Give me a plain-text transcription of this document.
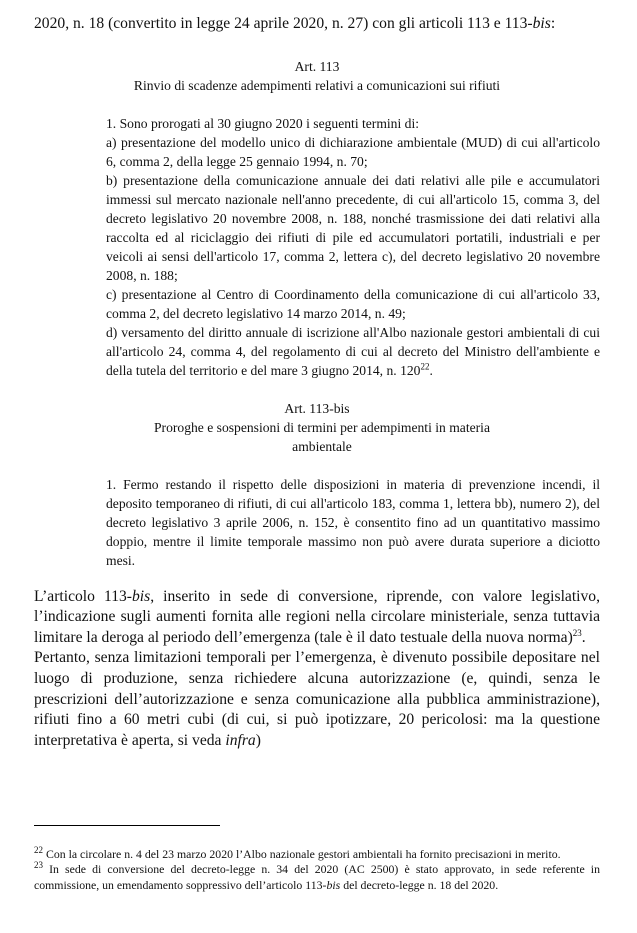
2020, n. 18 (convertito in legge 24 aprile 2020, n. 27) con gli articoli 113 e 113-bis:

Art. 113

Rinvio di scadenze adempimenti relativi a comunicazioni sui rifiuti

1. Sono prorogati al 30 giugno 2020 i seguenti termini di:

a) presentazione del modello unico di dichiarazione ambientale (MUD) di cui all'articolo 6, comma 2, della legge 25 gennaio 1994, n. 70;

b) presentazione della comunicazione annuale dei dati relativi alle pile e accumulatori immessi sul mercato nazionale nell'anno precedente, di cui all'articolo 15, comma 3, del decreto legislativo 20 novembre 2008, n. 188, nonché trasmissione dei dati relativi alla raccolta ed al riciclaggio dei rifiuti di pile ed accumulatori portatili, industriali e per veicoli ai sensi dell'articolo 17, comma 2, lettera c), del decreto legislativo 20 novembre 2008, n. 188;

c) presentazione al Centro di Coordinamento della comunicazione di cui all'articolo 33, comma 2, del decreto legislativo 14 marzo 2014, n. 49;

d) versamento del diritto annuale di iscrizione all'Albo nazionale gestori ambientali di cui all'articolo 24, comma 4, del regolamento di cui al decreto del Ministro dell'ambiente e della tutela del territorio e del mare 3 giugno 2014, n. $120^{22}$.

Art. 113-bis

Proroghe e sospensioni di termini per adempimenti in materia ambientale

1. Fermo restando il rispetto delle disposizioni in materia di prevenzione incendi, il deposito temporaneo di rifiuti, di cui all'articolo 183, comma 1, lettera bb), numero 2), del decreto legislativo 3 aprile 2006, n. 152, è consentito fino ad un quantitativo massimo doppio, mentre il limite temporale massimo non può avere durata superiore a diciotto mesi.

L’articolo 113-bis, inserito in sede di conversione, riprende, con valore legislativo, l’indicazione sugli aumenti fornita alle regioni nella circolare ministeriale, senza tuttavia limitare la deroga al periodo dell’emergenza (tale è il dato testuale della nuova norma)$^{23}$.

Pertanto, senza limitazioni temporali per l’emergenza, è divenuto possibile depositare nel luogo di produzione, senza richiedere alcuna autorizzazione (e, quindi, senza le prescrizioni dell’autorizzazione e senza comunicazione alla pubblica amministrazione), rifiuti fino a 60 metri cubi (di cui, si può ipotizzare, 20 pericolosi: ma la questione interpretativa è aperta, si veda infra)

$^{22}$ Con la circolare n. 4 del 23 marzo 2020 l’Albo nazionale gestori ambientali ha fornito precisazioni in merito.

$^{23}$ In sede di conversione del decreto-legge n. 34 del 2020 (AC 2500) è stato approvato, in sede referente in commissione, un emendamento soppressivo dell’articolo 113-bis del decreto-legge n. 18 del 2020.
